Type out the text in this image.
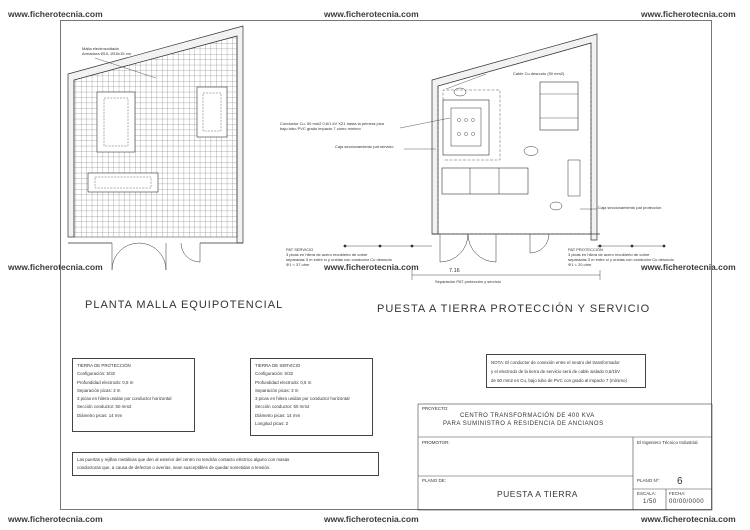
www.ficherotecnia.com	www.ficherotecnia.com	www.ficherotecnia.com
www.ficherotecnia.com	www.ficherotecnia.com	www.ficherotecnia.com
www.ficherotecnia.com	www.ficherotecnia.com	www.ficherotecnia.com
Malla electrosoldada
Armadura Ø10, Ø15x15 cm
PLANTA MALLA EQUIPOTENCIAL
Cable Cu desnudo (50 mm2)
Conductor Cu. 50 mm2 0,6/1 kV XZ1 hasta la primera pica
bajo tubo PVC grado impacto 7 como mínimo
Caja seccionamiento pat servicio
Caja seccionamiento pat protección
PAT SERVICIO
3 picas en hilera de acero recubierto de cobre
separadas 3 m entre sí y unidas con conductor Cu desnudo
Φ1 < 37 ohm
PAT PROTECCIÓN
3 picas en hilera de acero recubierto de cobre
separadas 3 m entre sí y unidas con conductor Cu desnudo
Φ1 < 20 ohm
7.16
Separación PAT protección y servicio
PUESTA A TIERRA PROTECCIÓN Y SERVICIO
TIERRA DE PROTECCIÓN
Configuración: 5/32
Profundidad electrodo: 0,5 m
Separación picas: 3 m
3 picas en hilera unidas por conductor horizontal
Sección conductor: 50 mm2
Diámetro picas: 14 mm
TIERRA DE SERVICIO
Configuración: 5/32
Profundidad electrodo: 0,5 m
Separación picas: 3 m
3 picas en hilera unidas por conductor horizontal
Sección conductor: 50 mm2
Diámetro picas: 14 mm
Longitud picas: 2
NOTA: El conductor de conexión entre el neutro del transformador
y el electrodo de la tierra de servicio será de cable aislado 0,6/1kV
de 50 mm2 en Cu, bajo tubo de PVC con grado al impacto 7 (mínimo)
Las puertas y rejillas metálicas que den al exterior del centro no tendrán contacto eléctrico alguno con masas
conductoras que, a causa de defectos o averías, sean susceptibles de quedar sometidas a tensión.
PROYECTO:
CENTRO TRANSFORMACIÓN DE 400 KVA
PARA SUMINISTRO A RESIDENCIA DE ANCIANOS
PROMOTOR:	El Ingeniero Técnico Industrial
PLANO DE:
PUESTA A TIERRA
PLANO Nº: 6
ESCALA:
1/50
FECHA:
00/00/0000
